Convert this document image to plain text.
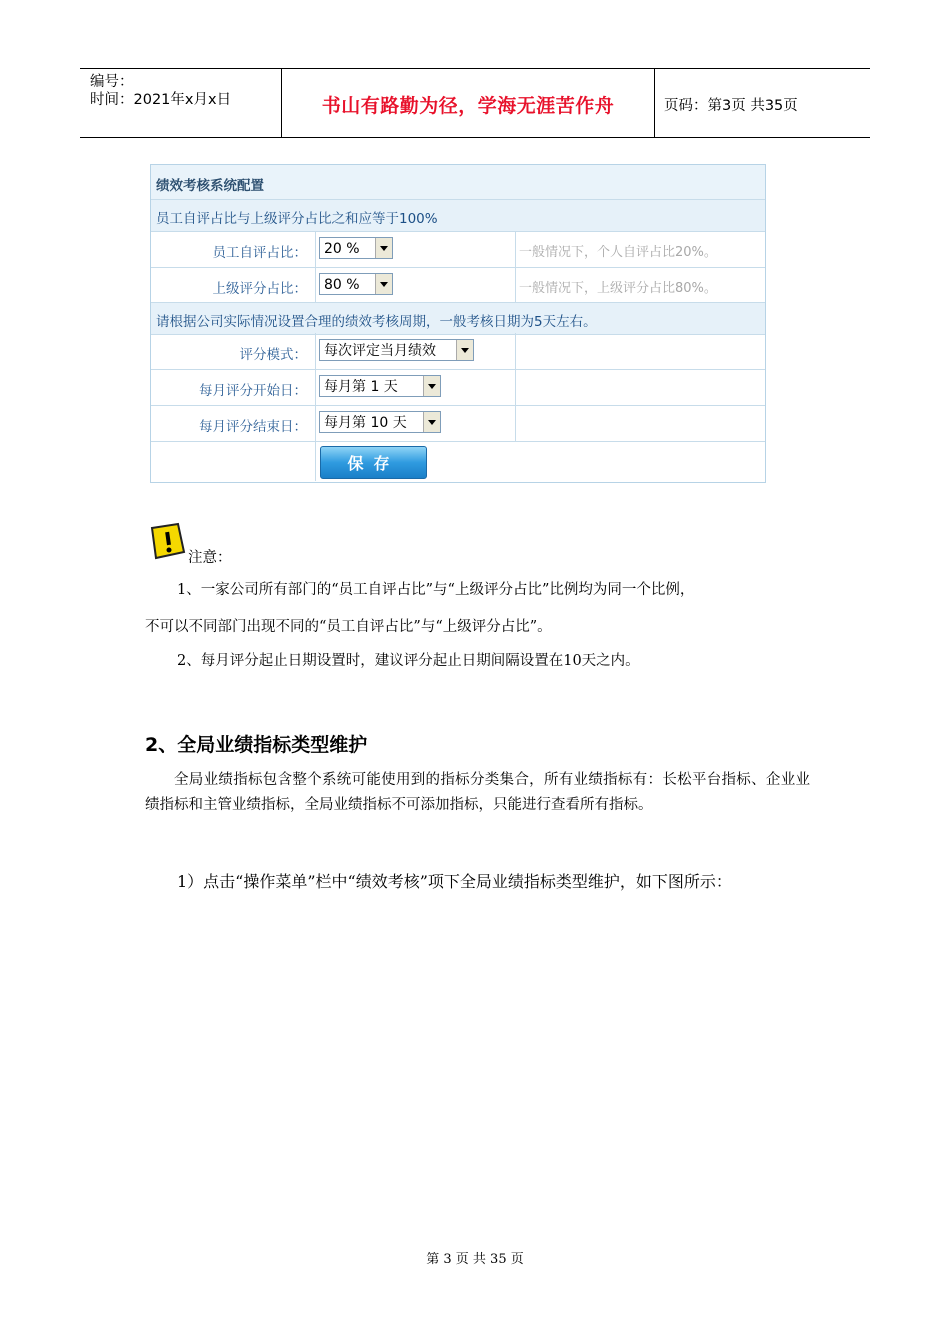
编号：
时间：2021年x月x日	书山有路勤为径，学海无涯苦作舟	页码：第3页 共35页
绩效考核系统配置
员工自评占比与上级评分占比之和应等于100%
员工自评占比： 20 %	一般情况下，个人自评占比20%。
上级评分占比： 80 %	一般情况下，上级评分占比80%。
请根据公司实际情况设置合理的绩效考核周期，一般考核日期为5天左右。
评分模式： 每次评定当月绩效
每月评分开始日： 每月第 1 天
每月评分结束日： 每月第 10 天
保存
注意：
1、一家公司所有部门的“员工自评占比”与“上级评分占比”比例均为同一个比例，
不可以不同部门出现不同的“员工自评占比”与“上级评分占比”。
2、每月评分起止日期设置时，建议评分起止日期间隔设置在10天之内。
2、全局业绩指标类型维护
全局业绩指标包含整个系统可能使用到的指标分类集合，所有业绩指标有：长松平台指标、企业业绩指标和主管业绩指标，全局业绩指标不可添加指标，只能进行查看所有指标。
1）点击“操作菜单”栏中“绩效考核”项下全局业绩指标类型维护，如下图所示：
第 3 页 共 35 页
